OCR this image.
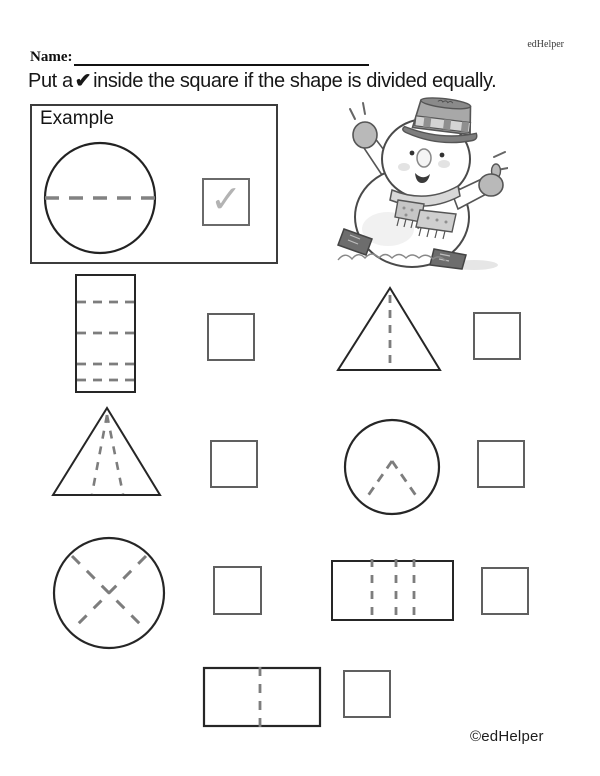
edHelper
Name:
Put a ✔ inside the square if the shape is divided equally.
Example
✓
©edHelper
